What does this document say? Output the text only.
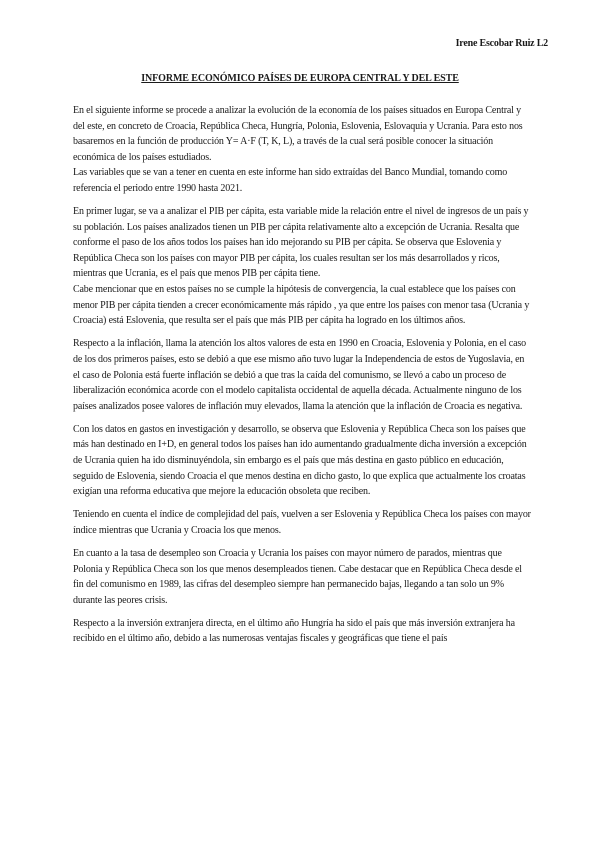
Irene Escobar Ruiz L2
INFORME ECONÓMICO PAÍSES DE EUROPA CENTRAL Y DEL ESTE

En el siguiente informe se procede a analizar la evolución de la economía de los países situados en Europa Central y del este, en concreto de Croacia, República Checa, Hungría, Polonia, Eslovenia, Eslovaquia y Ucrania. Para esto nos basaremos en la función de producción Y= A·F (T, K, L), a través de la cual será posible conocer la situación económica de los países estudiados.
Las variables que se van a tener en cuenta en este informe han sido extraídas del Banco Mundial, tomando como referencia el periodo entre 1990 hasta 2021.

En primer lugar, se va a analizar el PIB per cápita, esta variable mide la relación entre el nivel de ingresos de un país y su población. Los países analizados tienen un PIB per cápita relativamente alto a excepción de Ucrania. Resalta que conforme el paso de los años todos los países han ido mejorando su PIB per cápita. Se observa que Eslovenia y República Checa son los países con mayor PIB per cápita, los cuales resultan ser los más desarrollados y ricos, mientras que Ucrania, es el país que menos PIB per cápita tiene.
Cabe mencionar que en estos países no se cumple la hipótesis de convergencia, la cual establece que los países con menor PIB per cápita tienden a crecer económicamente más rápido , ya que entre los países con menor tasa (Ucrania y Croacia) está Eslovenia, que resulta ser el país que más PIB per cápita ha logrado en los últimos años.

Respecto a la inflación, llama la atención los altos valores de esta en 1990 en Croacia, Eslovenia y Polonia, en el caso de los dos primeros países, esto se debió a que ese mismo año tuvo lugar la Independencia de estos de Yugoslavia, en el caso de Polonia está fuerte inflación se debió a que tras la caída del comunismo, se llevó a cabo un proceso de liberalización económica acorde con el modelo capitalista occidental de aquella década. Actualmente ninguno de los países analizados posee valores de inflación muy elevados, llama la atención que la inflación de Croacia es negativa.

Con los datos en gastos en investigación y desarrollo, se observa que Eslovenia y República Checa son los países que más han destinado en I+D, en general todos los países han ido aumentando gradualmente dicha inversión a excepción de Ucrania quien ha ido disminuyéndola, sin embargo es el país que más destina en gasto público en educación, seguido de Eslovenia, siendo Croacia el que menos destina en dicho gasto, lo que explica que actualmente los croatas exigían una reforma educativa que mejore la educación obsoleta que reciben.

Teniendo en cuenta el índice de complejidad del país, vuelven a ser Eslovenia y República Checa los países con mayor índice mientras que Ucrania y Croacia los que menos.

En cuanto a la tasa de desempleo son Croacia y Ucrania los países con mayor número de parados, mientras que Polonia y República Checa son los que menos desempleados tienen. Cabe destacar que en República Checa desde el fin del comunismo en 1989, las cifras del desempleo siempre han permanecido bajas, llegando a tan solo un 9% durante las peores crisis.

Respecto a la inversión extranjera directa, en el último año Hungría ha sido el país que más inversión extranjera ha recibido en el último año, debido a las numerosas ventajas fiscales y geográficas que tiene el país
